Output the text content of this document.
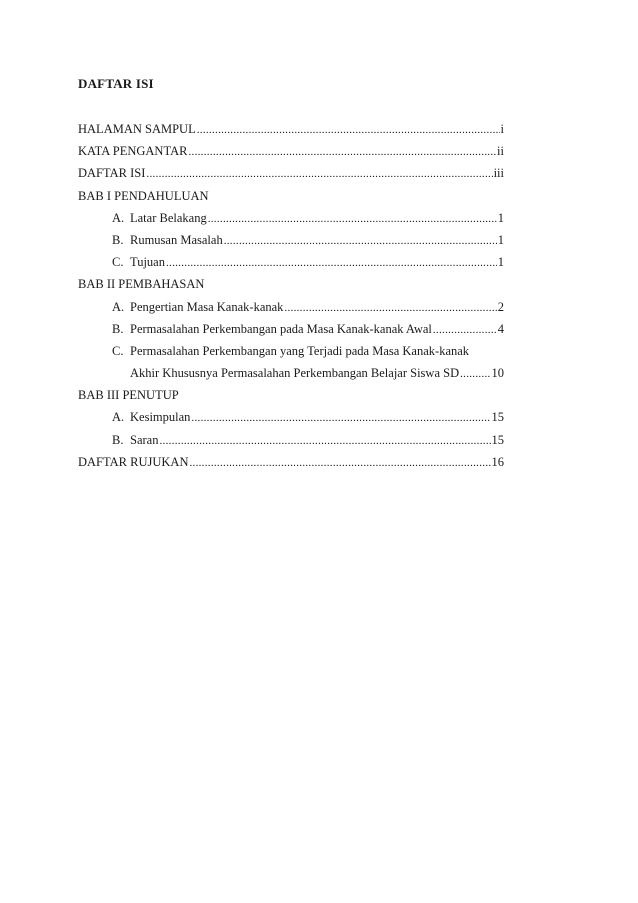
DAFTAR ISI
HALAMAN SAMPUL .....	i
KATA PENGANTAR .....	ii
DAFTAR ISI .....	iii
BAB I PENDAHULUAN
A. Latar Belakang .....	1
B. Rumusan Masalah .....	1
C. Tujuan .....	1
BAB II PEMBAHASAN
A. Pengertian Masa Kanak-kanak .....	2
B. Permasalahan Perkembangan pada Masa Kanak-kanak Awal .....	4
C. Permasalahan Perkembangan yang Terjadi pada Masa Kanak-kanak
Akhir Khususnya Permasalahan Perkembangan Belajar Siswa SD .....	10
BAB III PENUTUP
A. Kesimpulan .....	15
B. Saran .....	15
DAFTAR RUJUKAN .....	16
